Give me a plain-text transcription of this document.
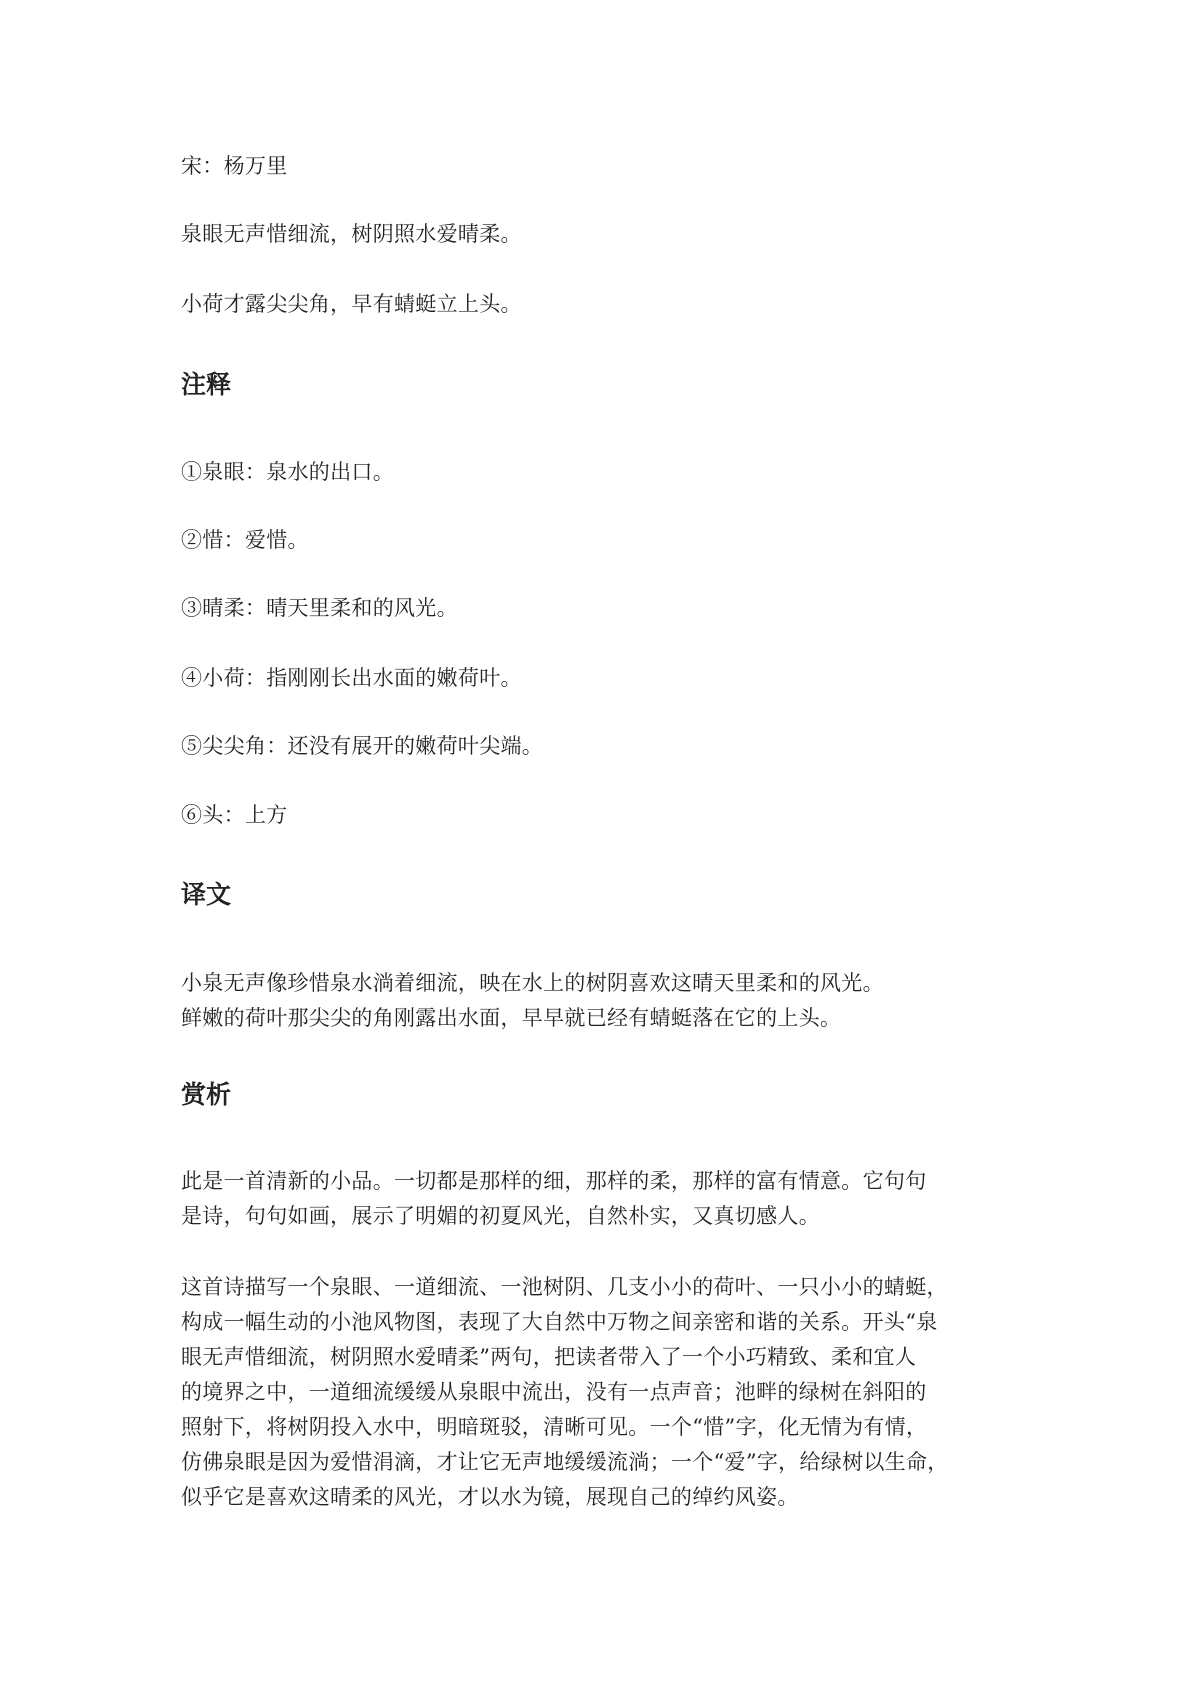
宋：杨万里
泉眼无声惜细流，树阴照水爱晴柔。
小荷才露尖尖角，早有蜻蜓立上头。
注释
①泉眼：泉水的出口。
②惜：爱惜。
③晴柔：晴天里柔和的风光。
④小荷：指刚刚长出水面的嫩荷叶。
⑤尖尖角：还没有展开的嫩荷叶尖端。
⑥头：上方
译文
小泉无声像珍惜泉水淌着细流，映在水上的树阴喜欢这晴天里柔和的风光。
鲜嫩的荷叶那尖尖的角刚露出水面，早早就已经有蜻蜓落在它的上头。
赏析
此是一首清新的小品。一切都是那样的细，那样的柔，那样的富有情意。它句句
是诗，句句如画，展示了明媚的初夏风光，自然朴实，又真切感人。
这首诗描写一个泉眼、一道细流、一池树阴、几支小小的荷叶、一只小小的蜻蜓，
构成一幅生动的小池风物图，表现了大自然中万物之间亲密和谐的关系。开头“泉
眼无声惜细流，树阴照水爱晴柔”两句，把读者带入了一个小巧精致、柔和宜人
的境界之中，一道细流缓缓从泉眼中流出，没有一点声音；池畔的绿树在斜阳的
照射下，将树阴投入水中，明暗斑驳，清晰可见。一个“惜”字，化无情为有情，
仿佛泉眼是因为爱惜涓滴，才让它无声地缓缓流淌；一个“爱”字，给绿树以生命，
似乎它是喜欢这晴柔的风光，才以水为镜，展现自己的绰约风姿。
